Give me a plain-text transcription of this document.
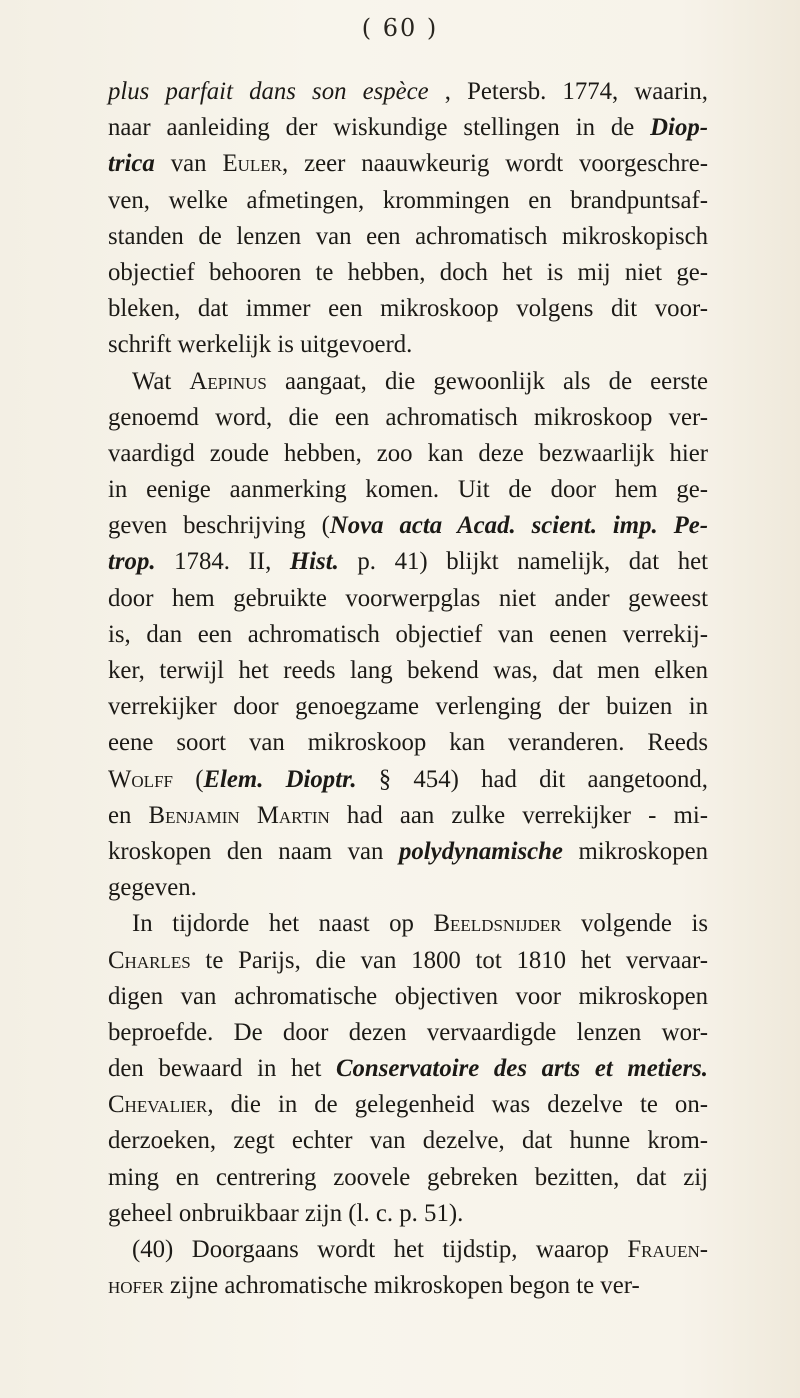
( 60 )
plus parfait dans son espèce , Petersb. 1774, waarin,
naar aanleiding der wiskundige stellingen in de Diop-
trica van Euler, zeer naauwkeurig wordt voorgeschre-
ven, welke afmetingen, krommingen en brandpuntsaf-
standen de lenzen van een achromatisch mikroskopisch
objectief behooren te hebben, doch het is mij niet ge-
bleken, dat immer een mikroskoop volgens dit voor-
schrift werkelijk is uitgevoerd.
Wat Aepinus aangaat, die gewoonlijk als de eerste
genoemd word, die een achromatisch mikroskoop ver-
vaardigd zoude hebben, zoo kan deze bezwaarlijk hier
in eenige aanmerking komen. Uit de door hem ge-
geven beschrijving (Nova acta Acad. scient. imp. Pe-
trop. 1784. II, Hist. p. 41) blijkt namelijk, dat het
door hem gebruikte voorwerpglas niet ander geweest
is, dan een achromatisch objectief van eenen verrekij-
ker, terwijl het reeds lang bekend was, dat men elken
verrekijker door genoegzame verlenging der buizen in
eene soort van mikroskoop kan veranderen. Reeds
Wolff (Elem. Dioptr. § 454) had dit aangetoond,
en Benjamin Martin had aan zulke verrekijker - mi-
kroskopen den naam van polydynamische mikroskopen
gegeven.
In tijdorde het naast op Beeldsnijder volgende is
Charles te Parijs, die van 1800 tot 1810 het vervaar-
digen van achromatische objectiven voor mikroskopen
beproefde. De door dezen vervaardigde lenzen wor-
den bewaard in het Conservatoire des arts et metiers.
Chevalier, die in de gelegenheid was dezelve te on-
derzoeken, zegt echter van dezelve, dat hunne krom-
ming en centrering zoovele gebreken bezitten, dat zij
geheel onbruikbaar zijn (l. c. p. 51).
(40) Doorgaans wordt het tijdstip, waarop Frauen-
hofer zijne achromatische mikroskopen begon te ver-
